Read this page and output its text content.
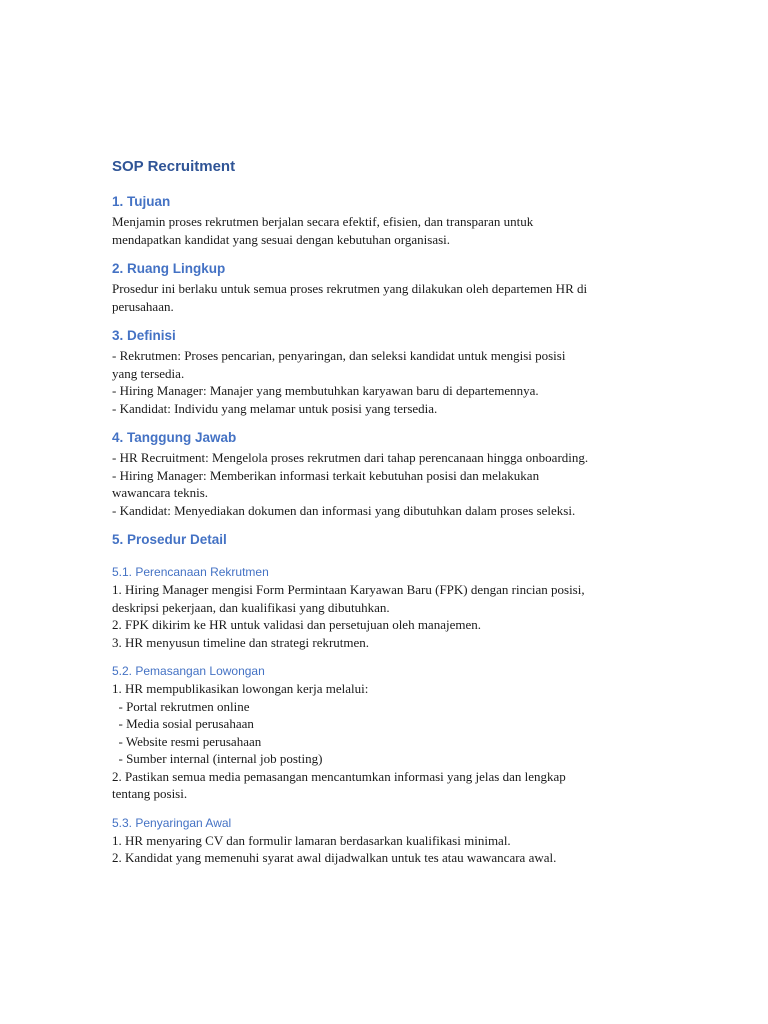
SOP Recruitment
1. Tujuan
Menjamin proses rekrutmen berjalan secara efektif, efisien, dan transparan untuk
mendapatkan kandidat yang sesuai dengan kebutuhan organisasi.
2. Ruang Lingkup
Prosedur ini berlaku untuk semua proses rekrutmen yang dilakukan oleh departemen HR di
perusahaan.
3. Definisi
- Rekrutmen: Proses pencarian, penyaringan, dan seleksi kandidat untuk mengisi posisi
yang tersedia.
- Hiring Manager: Manajer yang membutuhkan karyawan baru di departemennya.
- Kandidat: Individu yang melamar untuk posisi yang tersedia.
4. Tanggung Jawab
- HR Recruitment: Mengelola proses rekrutmen dari tahap perencanaan hingga onboarding.
- Hiring Manager: Memberikan informasi terkait kebutuhan posisi dan melakukan
wawancara teknis.
- Kandidat: Menyediakan dokumen dan informasi yang dibutuhkan dalam proses seleksi.
5. Prosedur Detail
5.1. Perencanaan Rekrutmen
1. Hiring Manager mengisi Form Permintaan Karyawan Baru (FPK) dengan rincian posisi,
deskripsi pekerjaan, dan kualifikasi yang dibutuhkan.
2. FPK dikirim ke HR untuk validasi dan persetujuan oleh manajemen.
3. HR menyusun timeline dan strategi rekrutmen.
5.2. Pemasangan Lowongan
1. HR mempublikasikan lowongan kerja melalui:
- Portal rekrutmen online
- Media sosial perusahaan
- Website resmi perusahaan
- Sumber internal (internal job posting)
2. Pastikan semua media pemasangan mencantumkan informasi yang jelas dan lengkap
tentang posisi.
5.3. Penyaringan Awal
1. HR menyaring CV dan formulir lamaran berdasarkan kualifikasi minimal.
2. Kandidat yang memenuhi syarat awal dijadwalkan untuk tes atau wawancara awal.
